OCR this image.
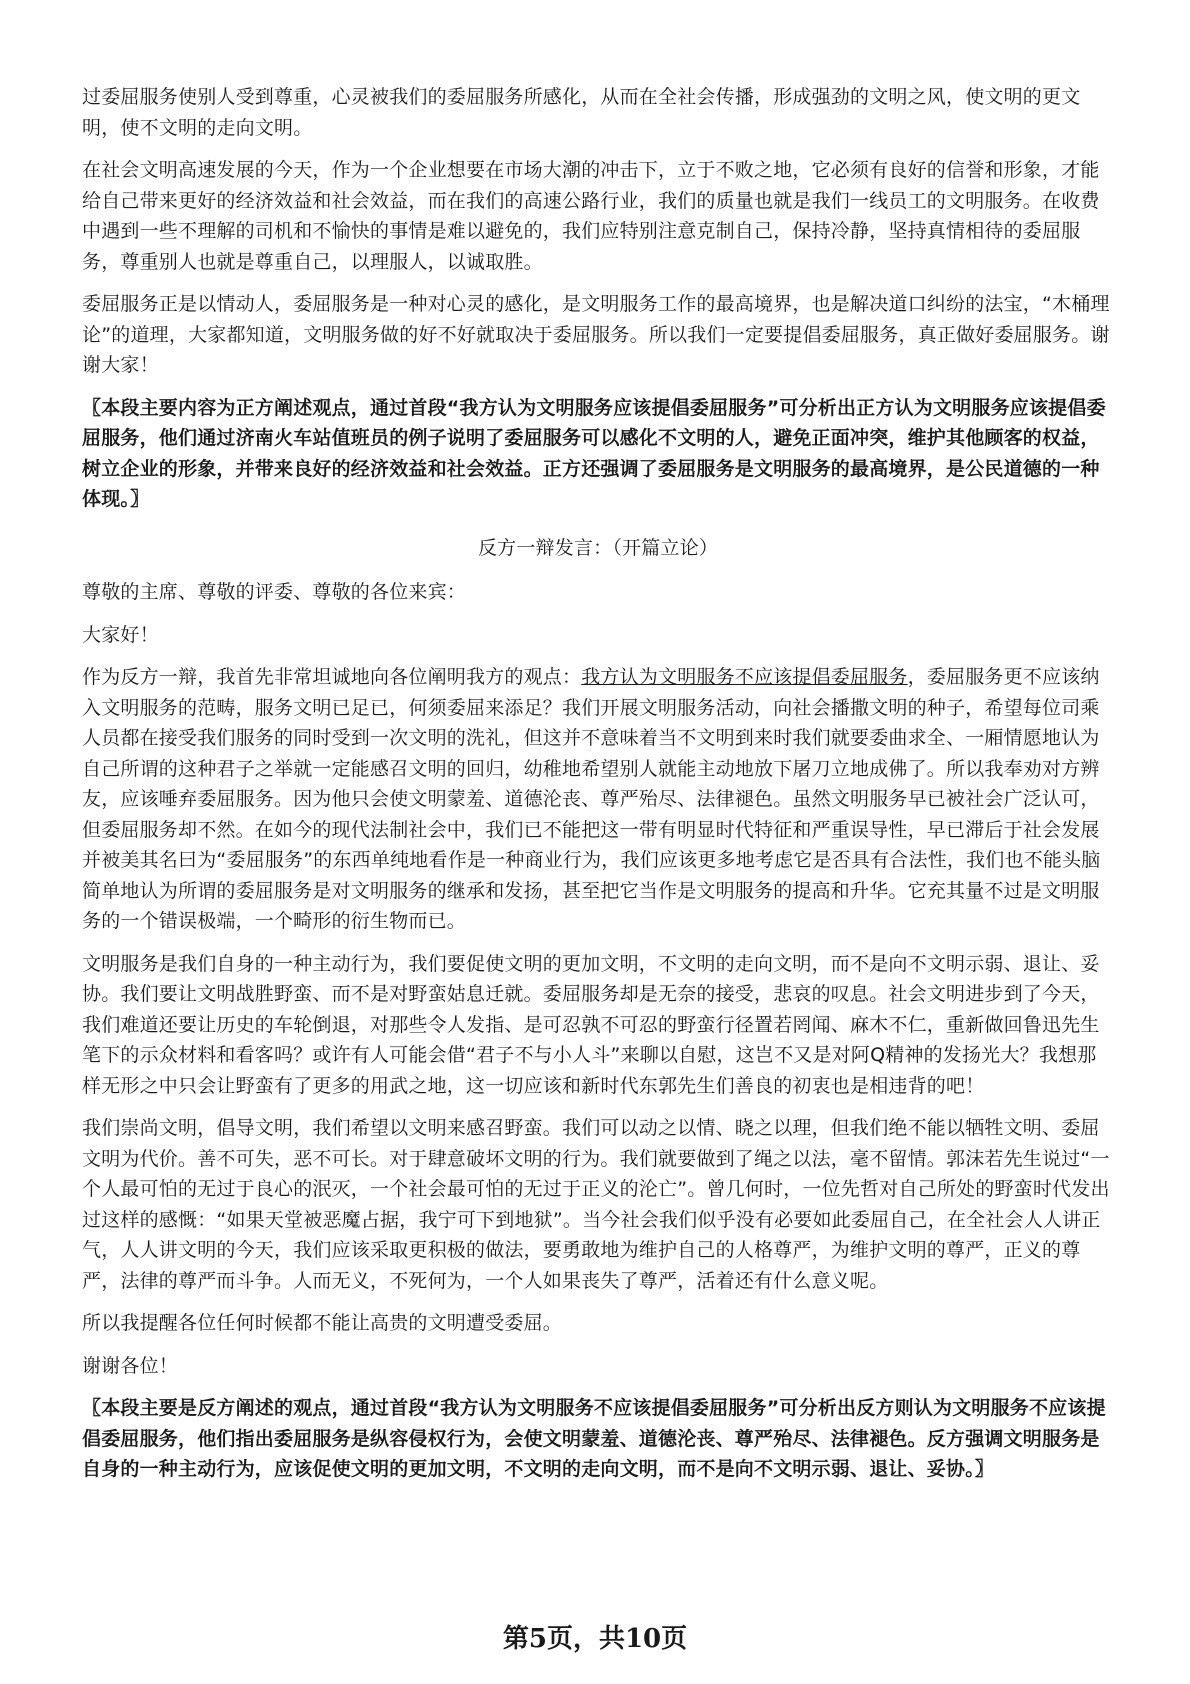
过委屈服务使别人受到尊重，心灵被我们的委屈服务所感化，从而在全社会传播，形成强劲的文明之风，使文明的更文明，使不文明的走向文明。

在社会文明高速发展的今天，作为一个企业想要在市场大潮的冲击下，立于不败之地，它必须有良好的信誉和形象，才能给自己带来更好的经济效益和社会效益，而在我们的高速公路行业，我们的质量也就是我们一线员工的文明服务。在收费中遇到一些不理解的司机和不愉快的事情是难以避免的，我们应特别注意克制自己，保持冷静，坚持真情相待的委屈服务，尊重别人也就是尊重自己，以理服人，以诚取胜。

委屈服务正是以情动人，委屈服务是一种对心灵的感化，是文明服务工作的最高境界，也是解决道口纠纷的法宝，“木桶理论”的道理，大家都知道，文明服务做的好不好就取决于委屈服务。所以我们一定要提倡委屈服务，真正做好委屈服务。谢谢大家！

〖本段主要内容为正方阐述观点，通过首段“我方认为文明服务应该提倡委屈服务”可分析出正方认为文明服务应该提倡委屈服务，他们通过济南火车站值班员的例子说明了委屈服务可以感化不文明的人，避免正面冲突，维护其他顾客的权益，树立企业的形象，并带来良好的经济效益和社会效益。正方还强调了委屈服务是文明服务的最高境界，是公民道德的一种体现。〗

反方一辩发言：（开篇立论）

尊敬的主席、尊敬的评委、尊敬的各位来宾：

大家好！

作为反方一辩，我首先非常坦诚地向各位阐明我方的观点：我方认为文明服务不应该提倡委屈服务，委屈服务更不应该纳入文明服务的范畴，服务文明已足已，何须委屈来添足？我们开展文明服务活动，向社会播撒文明的种子，希望每位司乘人员都在接受我们服务的同时受到一次文明的洗礼，但这并不意味着当不文明到来时我们就要委曲求全、一厢情愿地认为自己所谓的这种君子之举就一定能感召文明的回归，幼稚地希望别人就能主动地放下屠刀立地成佛了。所以我奉劝对方辨友，应该唾弃委屈服务。因为他只会使文明蒙羞、道德沦丧、尊严殆尽、法律褪色。虽然文明服务早已被社会广泛认可，但委屈服务却不然。在如今的现代法制社会中，我们已不能把这一带有明显时代特征和严重误导性，早已滞后于社会发展并被美其名曰为“委屈服务”的东西单纯地看作是一种商业行为，我们应该更多地考虑它是否具有合法性，我们也不能头脑简单地认为所谓的委屈服务是对文明服务的继承和发扬，甚至把它当作是文明服务的提高和升华。它充其量不过是文明服务的一个错误极端，一个畸形的衍生物而已。

文明服务是我们自身的一种主动行为，我们要促使文明的更加文明，不文明的走向文明，而不是向不文明示弱、退让、妥协。我们要让文明战胜野蛮、而不是对野蛮姑息迁就。委屈服务却是无奈的接受，悲哀的叹息。社会文明进步到了今天，我们难道还要让历史的车轮倒退，对那些令人发指、是可忍孰不可忍的野蛮行径置若罔闻、麻木不仁，重新做回鲁迅先生笔下的示众材料和看客吗？或许有人可能会借“君子不与小人斗”来聊以自慰，这岂不又是对阿Q精神的发扬光大？我想那样无形之中只会让野蛮有了更多的用武之地，这一切应该和新时代东郭先生们善良的初衷也是相违背的吧！

我们崇尚文明，倡导文明，我们希望以文明来感召野蛮。我们可以动之以情、晓之以理，但我们绝不能以牺牲文明、委屈文明为代价。善不可失，恶不可长。对于肆意破坏文明的行为。我们就要做到了绳之以法，毫不留情。郭沫若先生说过“一个人最可怕的无过于良心的泯灭，一个社会最可怕的无过于正义的沦亡”。曾几何时，一位先哲对自己所处的野蛮时代发出过这样的感慨：“如果天堂被恶魔占据，我宁可下到地狱”。当今社会我们似乎没有必要如此委屈自己，在全社会人人讲正气，人人讲文明的今天，我们应该采取更积极的做法，要勇敢地为维护自己的人格尊严，为维护文明的尊严，正义的尊严，法律的尊严而斗争。人而无义，不死何为，一个人如果丧失了尊严，活着还有什么意义呢。

所以我提醒各位任何时候都不能让高贵的文明遭受委屈。

谢谢各位！

〖本段主要是反方阐述的观点，通过首段“我方认为文明服务不应该提倡委屈服务”可分析出反方则认为文明服务不应该提倡委屈服务，他们指出委屈服务是纵容侵权行为，会使文明蒙羞、道德沦丧、尊严殆尽、法律褪色。反方强调文明服务是自身的一种主动行为，应该促使文明的更加文明，不文明的走向文明，而不是向不文明示弱、退让、妥协。〗

第5页，共10页
